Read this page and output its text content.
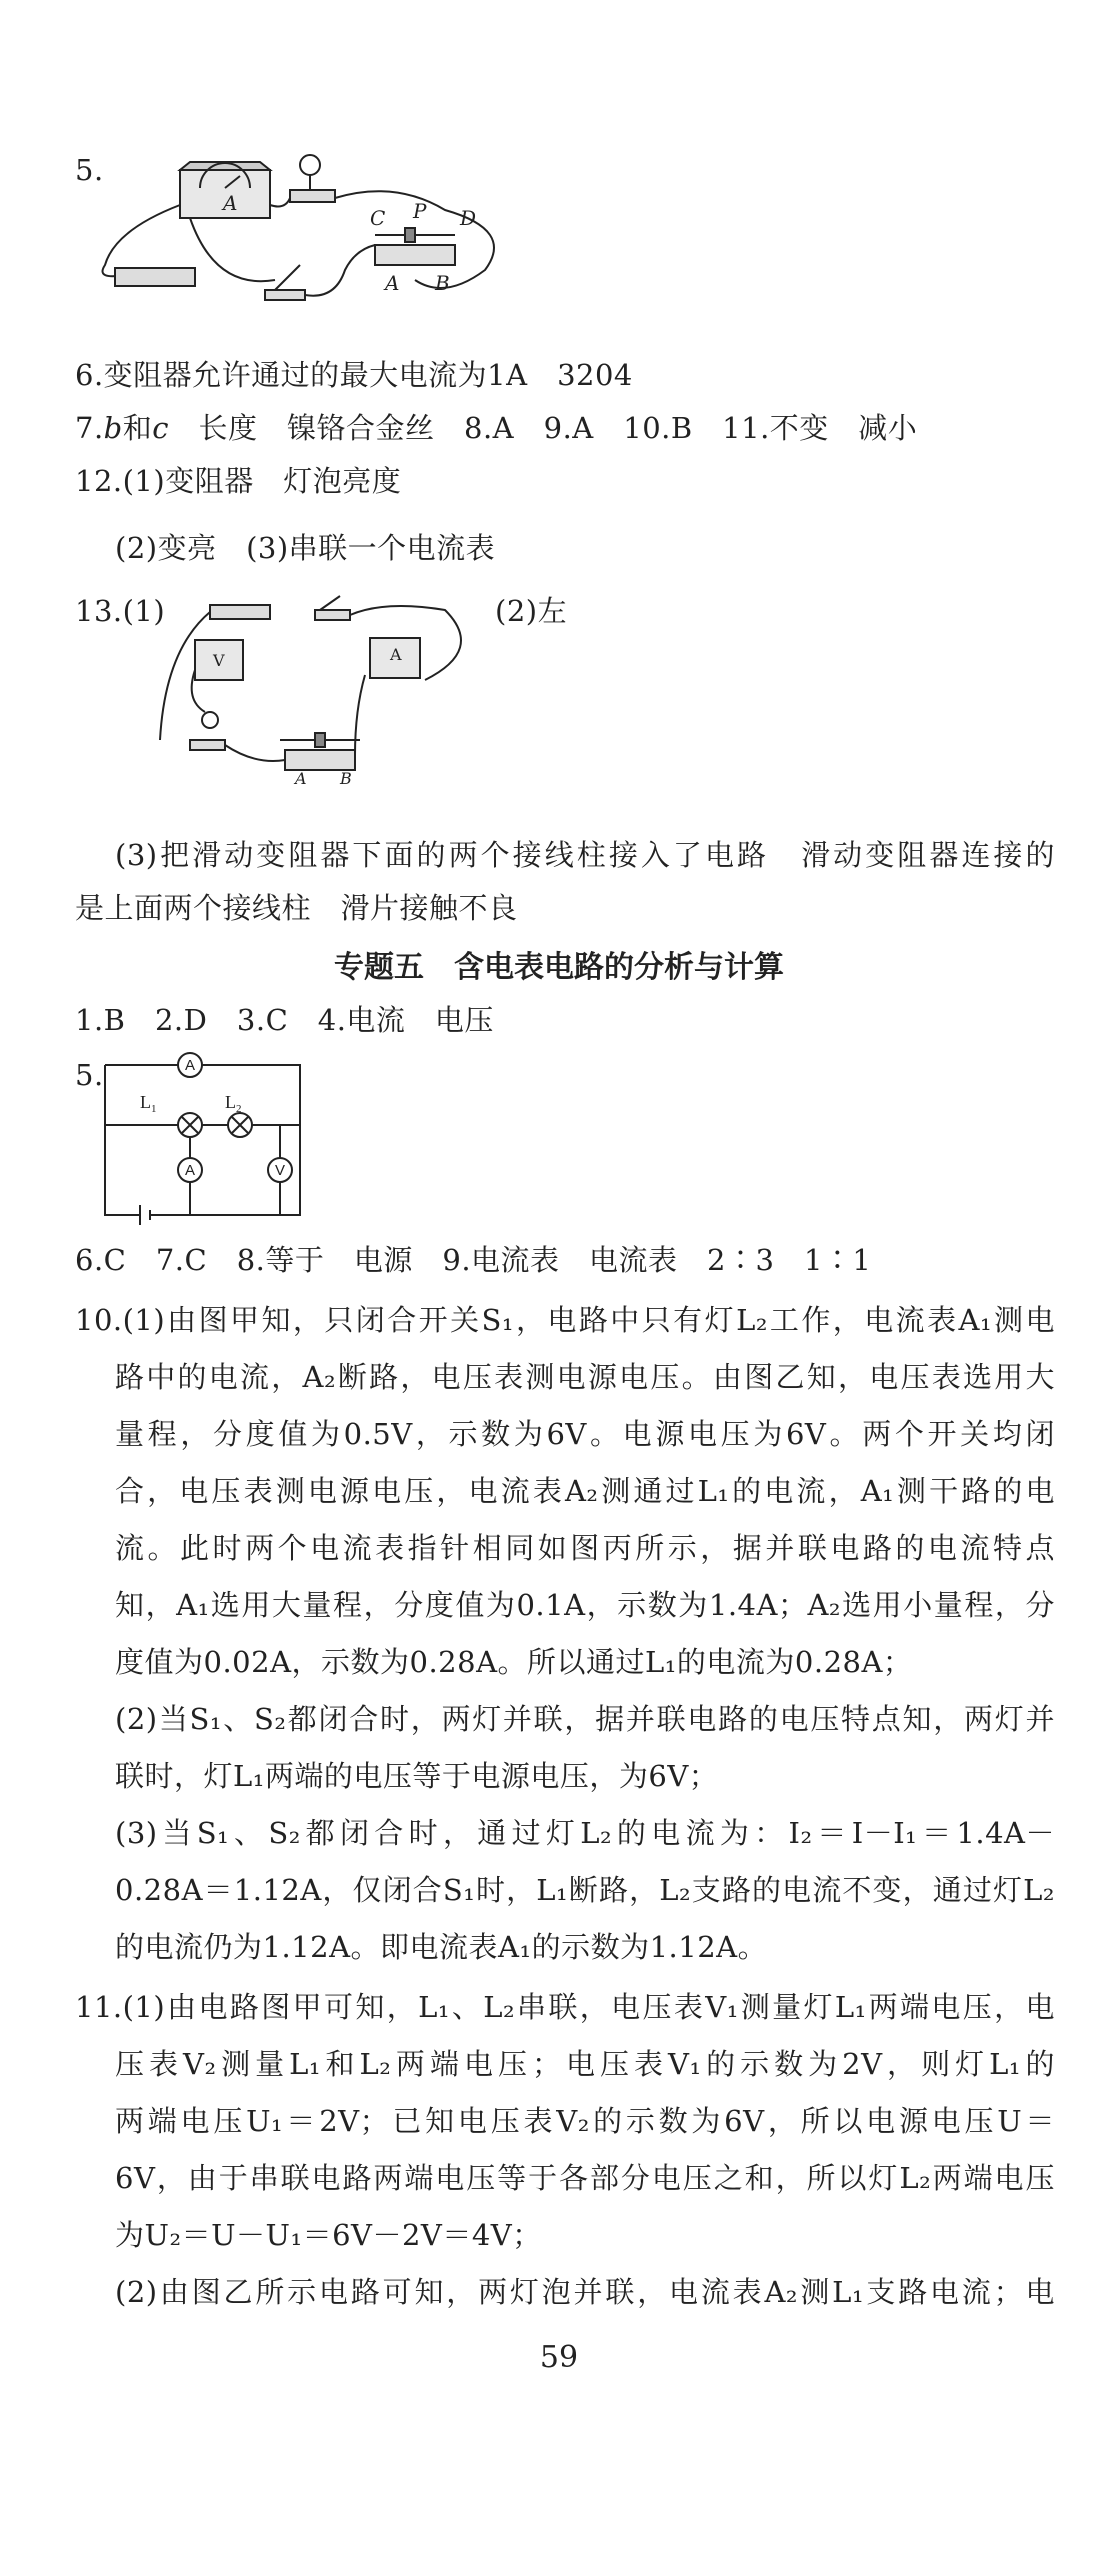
5.
A
C P D
A B
6.变阻器允许通过的最大电流为1A　3204
7.b和c　长度　镍铬合金丝　8.A　9.A　10.B　11.不变　减小
12.(1)变阻器　灯泡亮度
(2)变亮　(3)串联一个电流表
13.(1)	(2)左
V	A
A B
(3)把滑动变阻器下面的两个接线柱接入了电路　滑动变阻器连接的
是上面两个接线柱　滑片接触不良
专题五　含电表电路的分析与计算
1.B　2.D　3.C　4.电流　电压
5.	A
A	V
$L_1$	$L_2$
6.C　7.C　8.等于　电源　9.电流表　电流表　2∶3　1∶1
10.(1)由图甲知，只闭合开关S₁，电路中只有灯L₂工作，电流表A₁测电
路中的电流，A₂断路，电压表测电源电压。由图乙知，电压表选用大
量程，分度值为0.5V，示数为6V。电源电压为6V。两个开关均闭
合，电压表测电源电压，电流表A₂测通过L₁的电流，A₁测干路的电
流。此时两个电流表指针相同如图丙所示，据并联电路的电流特点
知，A₁选用大量程，分度值为0.1A，示数为1.4A；A₂选用小量程，分
度值为0.02A，示数为0.28A。所以通过L₁的电流为0.28A；
(2)当S₁、S₂都闭合时，两灯并联，据并联电路的电压特点知，两灯并
联时，灯L₁两端的电压等于电源电压，为6V；
(3)当S₁、S₂都闭合时，通过灯L₂的电流为：I₂＝I－I₁＝1.4A－
0.28A＝1.12A，仅闭合S₁时，L₁断路，L₂支路的电流不变，通过灯L₂
的电流仍为1.12A。即电流表A₁的示数为1.12A。
11.(1)由电路图甲可知，L₁、L₂串联，电压表V₁测量灯L₁两端电压，电
压表V₂测量L₁和L₂两端电压；电压表V₁的示数为2V，则灯L₁的
两端电压U₁＝2V；已知电压表V₂的示数为6V，所以电源电压U＝
6V，由于串联电路两端电压等于各部分电压之和，所以灯L₂两端电压
为U₂＝U－U₁＝6V－2V＝4V；
(2)由图乙所示电路可知，两灯泡并联，电流表A₂测L₁支路电流；电
59
